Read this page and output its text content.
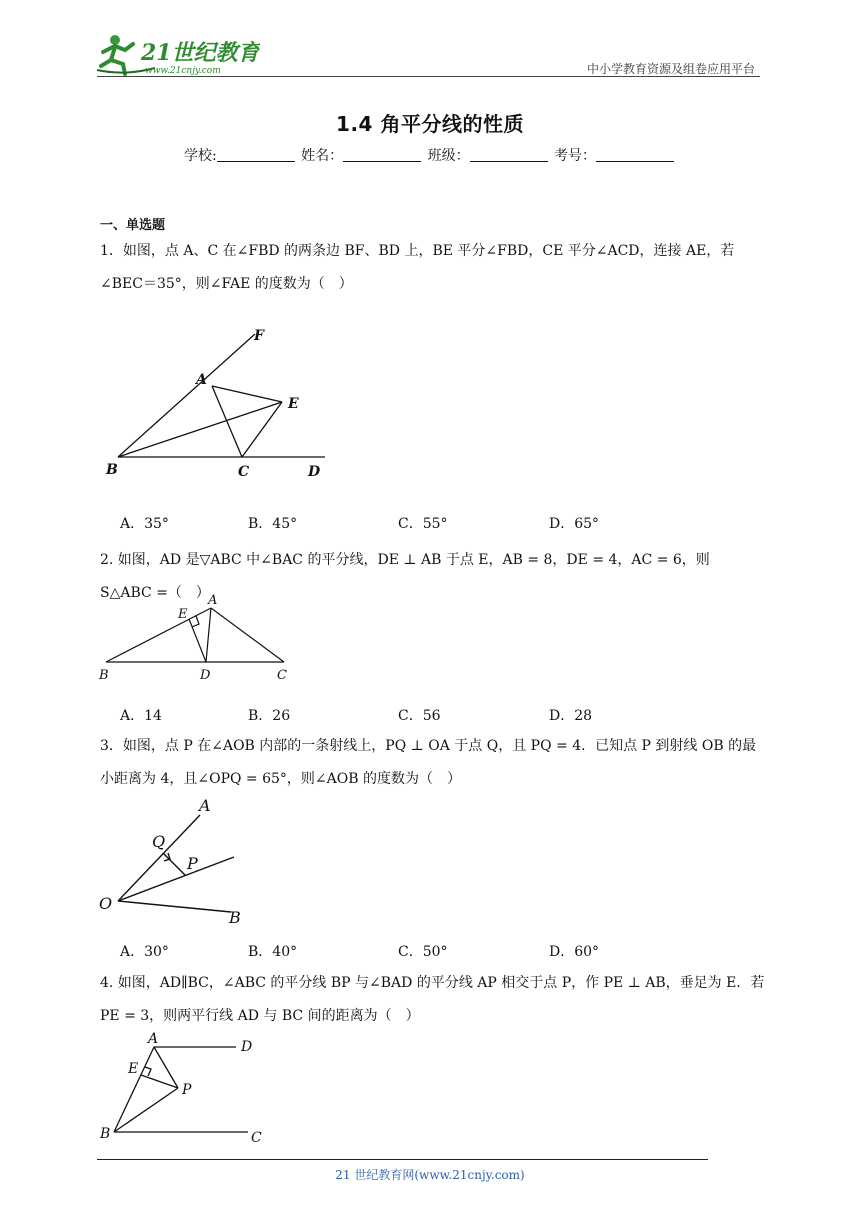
21世纪教育
www.21cnjy.com	中小学教育资源及组卷应用平台
1.4 角平分线的性质
学校:	姓名：	班级：	考号：
一、单选题
1．如图，点 A、C 在∠FBD 的两条边 BF、BD 上，BE 平分∠FBD，CE 平分∠ACD，连接 AE，若
∠BEC＝35°，则∠FAE 的度数为（　）
F
A
E
B	C	D
A．35°	B．45°	C．55°	D．65°
2. 如图，AD 是▽ABC 中∠BAC 的平分线，DE ⊥ AB 于点 E，AB = 8，DE = 4，AC = 6，则 S△ABC =（　）
A
E
B	D	C
A．14	B．26	C．56	D．28
3．如图，点 P 在∠AOB 内部的一条射线上，PQ ⊥ OA 于点 Q，且 PQ = 4．已知点 P 到射线 OB 的最
小距离为 4，且∠OPQ = 65°，则∠AOB 的度数为（　）
A
Q
P
O
B
A．30°	B．40°	C．50°	D．60°
4. 如图，AD∥BC，∠ABC 的平分线 BP 与∠BAD 的平分线 AP 相交于点 P，作 PE ⊥ AB，垂足为 E．若
PE = 3，则两平行线 AD 与 BC 间的距离为（　）
A	D
E
P
B	C
21 世纪教育网(www.21cnjy.com)
